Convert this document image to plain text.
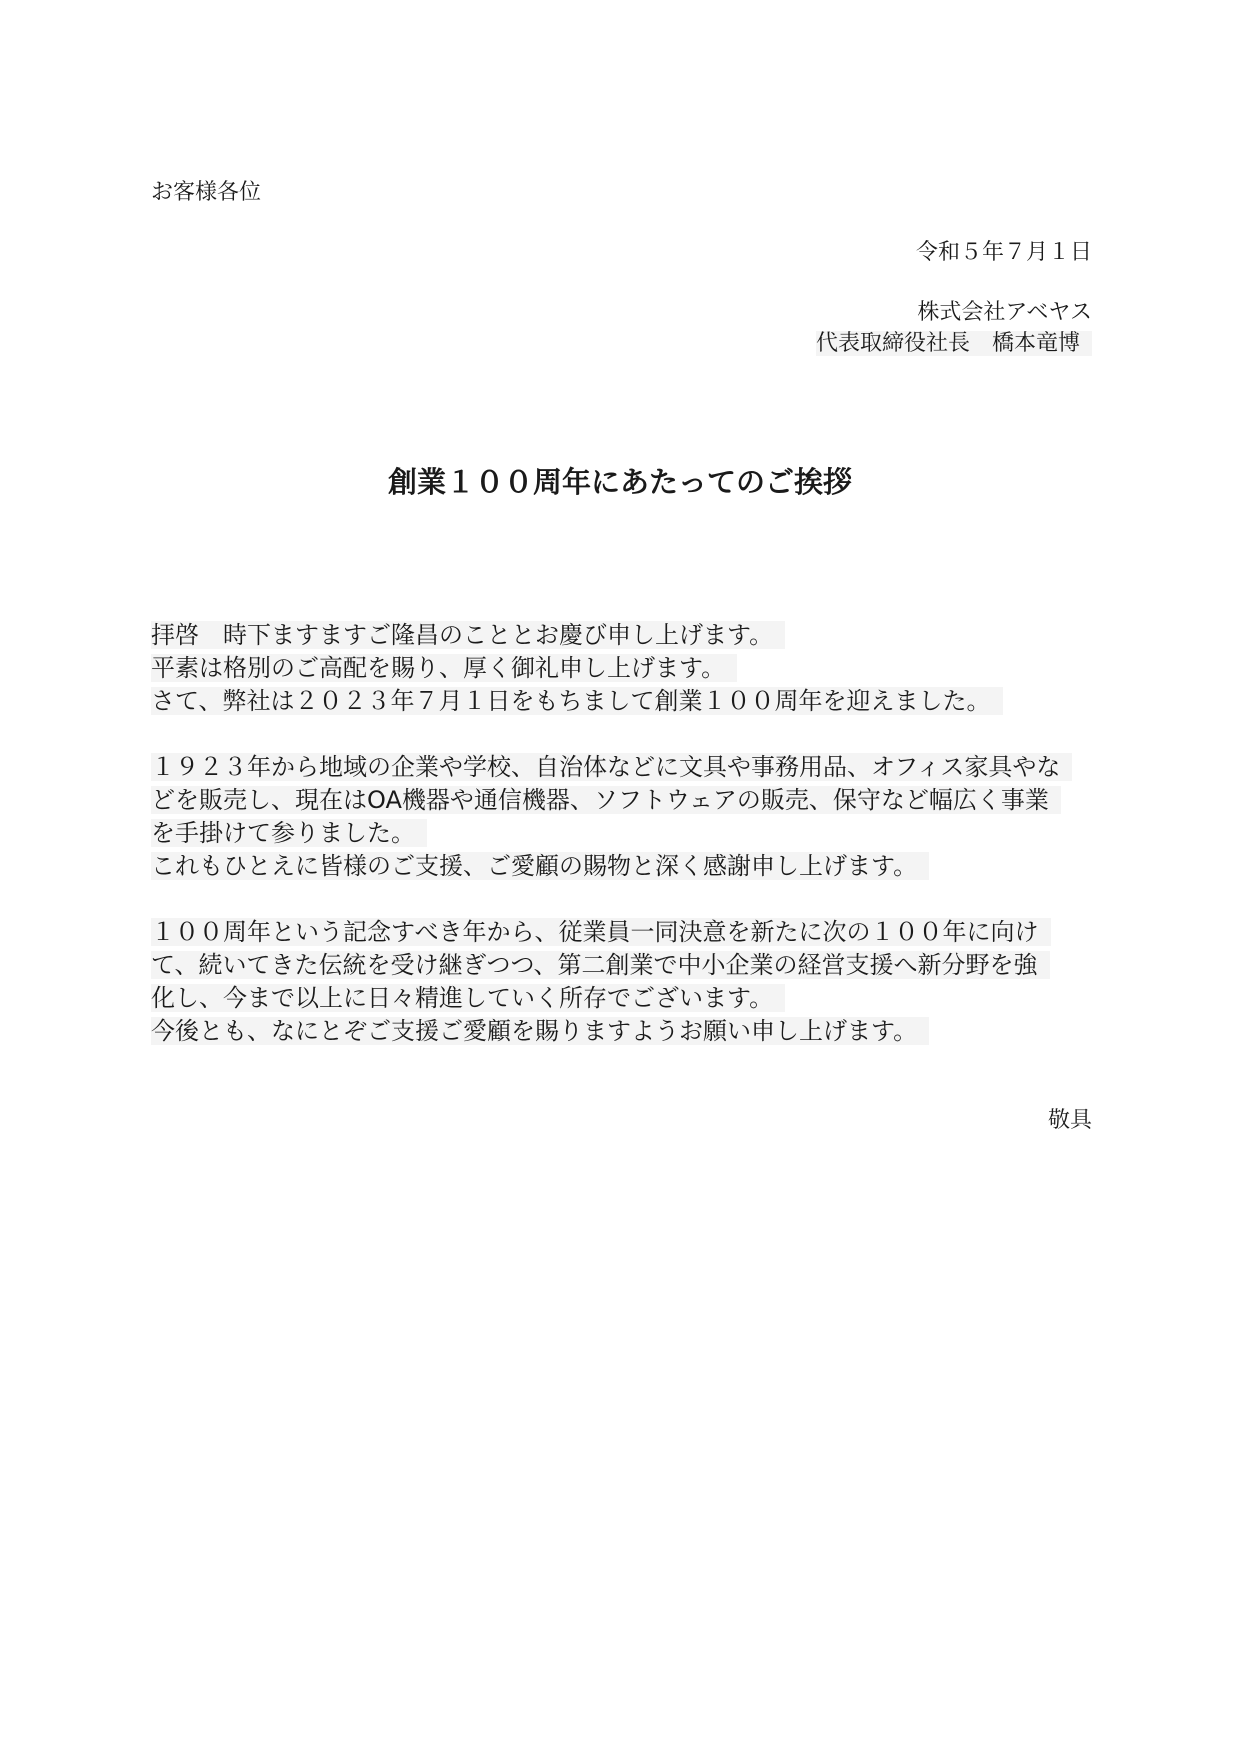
お客様各位
令和５年７月１日
株式会社アベヤス
代表取締役社長　橋本竜博
創業１００周年にあたってのご挨拶
拝啓　時下ますますご隆昌のこととお慶び申し上げます。
平素は格別のご高配を賜り、厚く御礼申し上げます。
さて、弊社は２０２３年７月１日をもちまして創業１００周年を迎えました。
１９２３年から地域の企業や学校、自治体などに文具や事務用品、オフィス家具やな
どを販売し、現在はOA機器や通信機器、ソフトウェアの販売、保守など幅広く事業
を手掛けて参りました。
これもひとえに皆様のご支援、ご愛顧の賜物と深く感謝申し上げます。
１００周年という記念すべき年から、従業員一同決意を新たに次の１００年に向け
て、続いてきた伝統を受け継ぎつつ、第二創業で中小企業の経営支援へ新分野を強
化し、今まで以上に日々精進していく所存でございます。
今後とも、なにとぞご支援ご愛顧を賜りますようお願い申し上げます。
敬具
